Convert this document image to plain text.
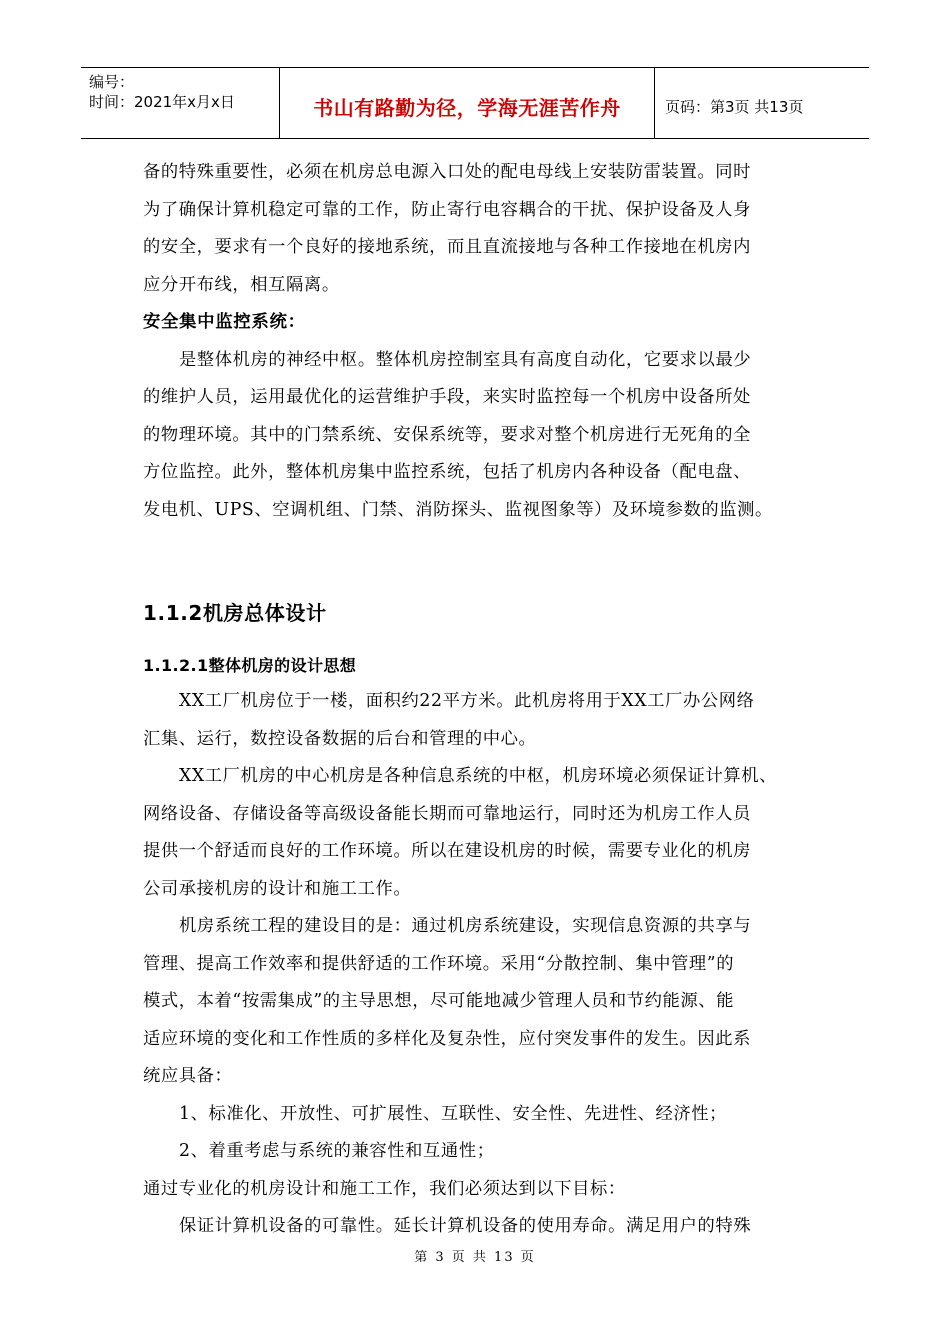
编号：
时间：2021年x月x日	书山有路勤为径，学海无涯苦作舟	页码：第3页 共13页
备的特殊重要性，必须在机房总电源入口处的配电母线上安装防雷装置。同时
为了确保计算机稳定可靠的工作，防止寄行电容耦合的干扰、保护设备及人身
的安全，要求有一个良好的接地系统，而且直流接地与各种工作接地在机房内
应分开布线，相互隔离。
安全集中监控系统：
是整体机房的神经中枢。整体机房控制室具有高度自动化，它要求以最少
的维护人员，运用最优化的运营维护手段，来实时监控每一个机房中设备所处
的物理环境。其中的门禁系统、安保系统等，要求对整个机房进行无死角的全
方位监控。此外，整体机房集中监控系统，包括了机房内各种设备（配电盘、
发电机、UPS、空调机组、门禁、消防探头、监视图象等）及环境参数的监测。
1.1.2机房总体设计
1.1.2.1整体机房的设计思想
XX工厂机房位于一楼，面积约22平方米。此机房将用于XX工厂办公网络
汇集、运行，数控设备数据的后台和管理的中心。
XX工厂机房的中心机房是各种信息系统的中枢，机房环境必须保证计算机、
网络设备、存储设备等高级设备能长期而可靠地运行，同时还为机房工作人员
提供一个舒适而良好的工作环境。所以在建设机房的时候，需要专业化的机房
公司承接机房的设计和施工工作。
机房系统工程的建设目的是：通过机房系统建设，实现信息资源的共享与
管理、提高工作效率和提供舒适的工作环境。采用“分散控制、集中管理”的
模式，本着“按需集成”的主导思想，尽可能地减少管理人员和节约能源、能
适应环境的变化和工作性质的多样化及复杂性，应付突发事件的发生。因此系
统应具备：
1、标准化、开放性、可扩展性、互联性、安全性、先进性、经济性；
2、着重考虑与系统的兼容性和互通性；
通过专业化的机房设计和施工工作，我们必须达到以下目标：
保证计算机设备的可靠性。延长计算机设备的使用寿命。满足用户的特殊
第 3 页 共 13 页
